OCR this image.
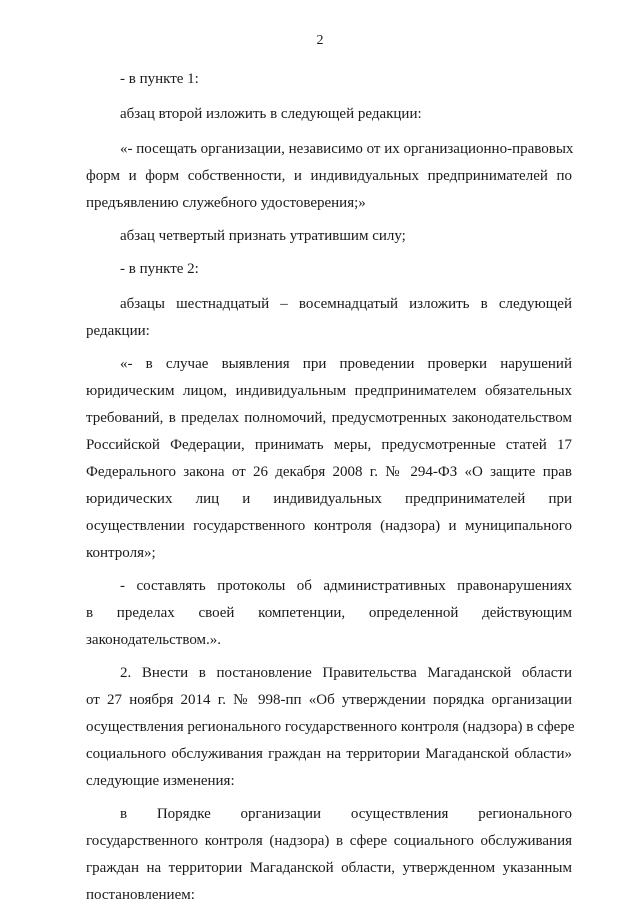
2
- в пункте 1:
абзац второй изложить в следующей редакции:
«- посещать организации, независимо от их организационно-правовых
форм и форм собственности, и индивидуальных предпринимателей по
предъявлению служебного удостоверения;»
абзац четвертый признать утратившим силу;
- в пункте 2:
абзацы шестнадцатый – восемнадцатый изложить в следующей
редакции:
«- в случае выявления при проведении проверки нарушений
юридическим лицом, индивидуальным предпринимателем обязательных
требований, в пределах полномочий, предусмотренных законодательством
Российской Федерации, принимать меры, предусмотренные статей 17
Федерального закона от 26 декабря 2008 г. № 294-ФЗ «О защите прав
юридических лиц и индивидуальных предпринимателей при
осуществлении государственного контроля (надзора) и муниципального
контроля»;
- составлять протоколы об административных правонарушениях
в пределах своей компетенции, определенной действующим
законодательством.».
2. Внести в постановление Правительства Магаданской области
от 27 ноября 2014 г. № 998-пп «Об утверждении порядка организации
осуществления регионального государственного контроля (надзора) в сфере
социального обслуживания граждан на территории Магаданской области»
следующие изменения:
в Порядке организации осуществления регионального
государственного контроля (надзора) в сфере социального обслуживания
граждан на территории Магаданской области, утвержденном указанным
постановлением:
